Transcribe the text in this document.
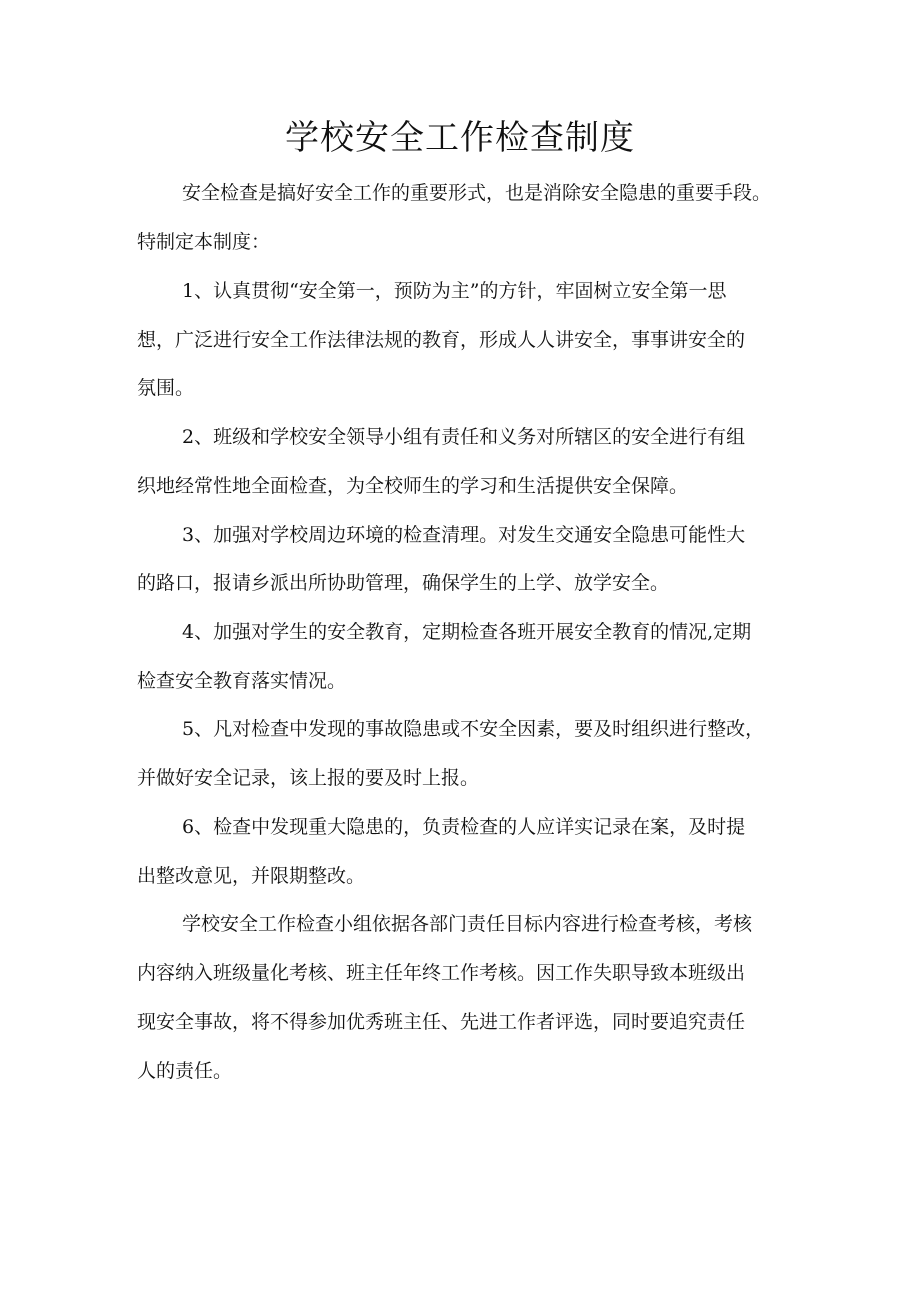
学校安全工作检查制度

安全检查是搞好安全工作的重要形式，也是消除安全隐患的重要手段。

特制定本制度：

1、认真贯彻“安全第一，预防为主”的方针，牢固树立安全第一思

想，广泛进行安全工作法律法规的教育，形成人人讲安全，事事讲安全的

氛围。

2、班级和学校安全领导小组有责任和义务对所辖区的安全进行有组

织地经常性地全面检查，为全校师生的学习和生活提供安全保障。

3、加强对学校周边环境的检查清理。对发生交通安全隐患可能性大

的路口，报请乡派出所协助管理，确保学生的上学、放学安全。

4、加强对学生的安全教育，定期检查各班开展安全教育的情况,定期

检查安全教育落实情况。

5、凡对检查中发现的事故隐患或不安全因素，要及时组织进行整改，

并做好安全记录，该上报的要及时上报。

6、检查中发现重大隐患的，负责检查的人应详实记录在案，及时提

出整改意见，并限期整改。

学校安全工作检查小组依据各部门责任目标内容进行检查考核，考核

内容纳入班级量化考核、班主任年终工作考核。因工作失职导致本班级出

现安全事故，将不得参加优秀班主任、先进工作者评选，同时要追究责任

人的责任。
